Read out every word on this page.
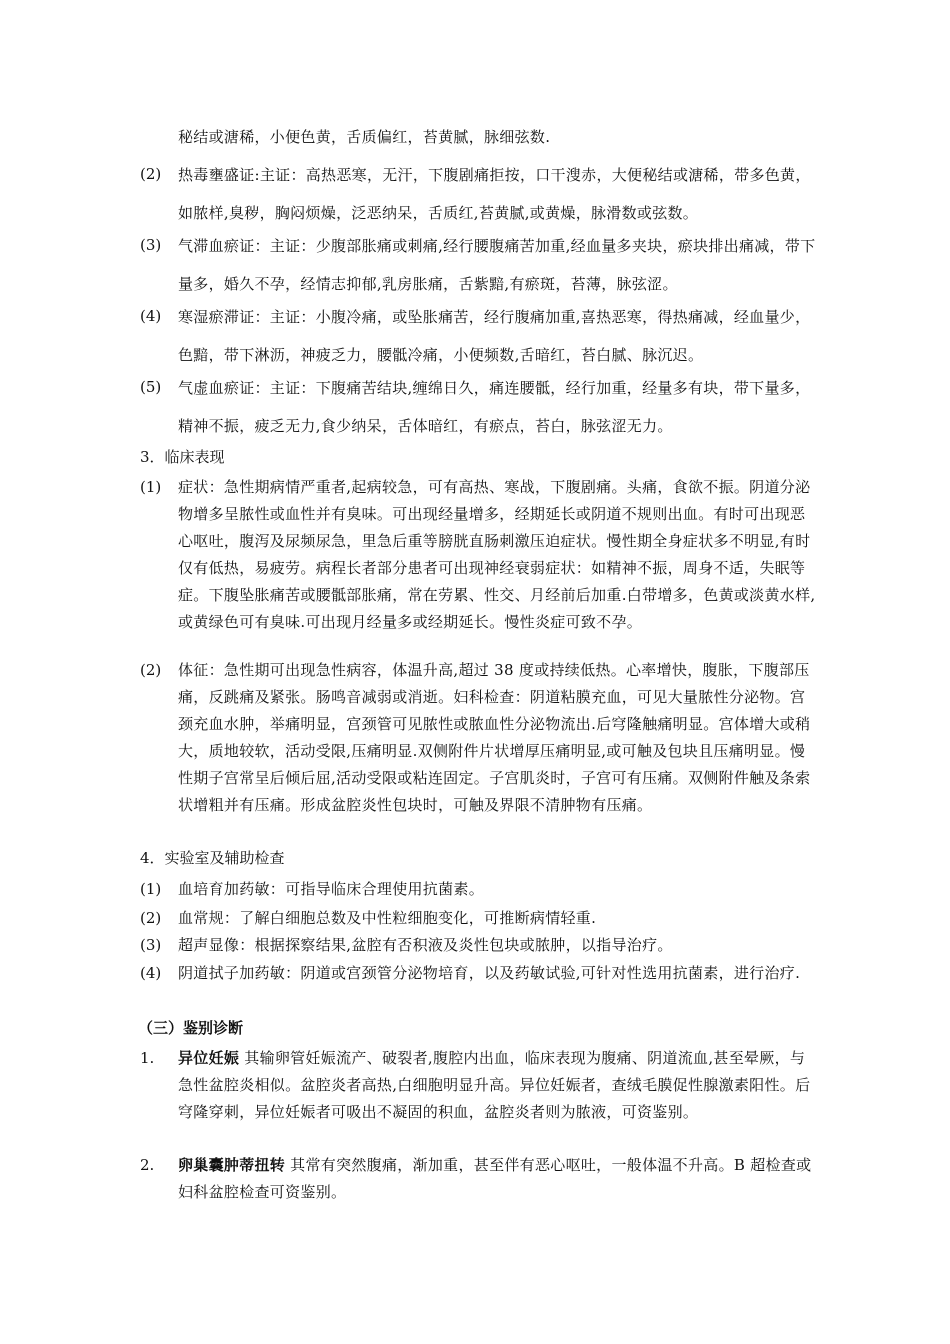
秘结或溏稀，小便色黄，舌质偏红，苔黄腻，脉细弦数.
(2) 热毒壅盛证:主证：高热恶寒，无汗，下腹剧痛拒按，口干溲赤，大便秘结或溏稀，带多色黄，如脓样,臭秽，胸闷烦燥，泛恶纳呆，舌质红,苔黄腻,或黄燥，脉滑数或弦数。
(3) 气滞血瘀证：主证：少腹部胀痛或刺痛,经行腰腹痛苦加重,经血量多夹块，瘀块排出痛减，带下量多，婚久不孕，经情志抑郁,乳房胀痛，舌紫黯,有瘀斑，苔薄，脉弦涩。
(4) 寒湿瘀滞证：主证：小腹冷痛，或坠胀痛苦，经行腹痛加重,喜热恶寒，得热痛减，经血量少，色黯，带下淋沥，神疲乏力，腰骶冷痛，小便频数,舌暗红，苔白腻、脉沉迟。
(5) 气虚血瘀证：主证：下腹痛苦结块,缠绵日久，痛连腰骶，经行加重，经量多有块，带下量多，精神不振，疲乏无力,食少纳呆，舌体暗红，有瘀点，苔白，脉弦涩无力。
3．临床表现
(1) 症状：急性期病情严重者,起病较急，可有高热、寒战，下腹剧痛。头痛，食欲不振。阴道分泌物增多呈脓性或血性并有臭味。可出现经量增多，经期延长或阴道不规则出血。有时可出现恶心呕吐，腹泻及尿频尿急，里急后重等膀胱直肠刺激压迫症状。慢性期全身症状多不明显,有时仅有低热，易疲劳。病程长者部分患者可出现神经衰弱症状：如精神不振，周身不适，失眠等症。下腹坠胀痛苦或腰骶部胀痛，常在劳累、性交、月经前后加重.白带增多，色黄或淡黄水样,或黄绿色可有臭味.可出现月经量多或经期延长。慢性炎症可致不孕。
(2) 体征：急性期可出现急性病容，体温升高,超过 38 度或持续低热。心率增快，腹胀，下腹部压痛，反跳痛及紧张。肠鸣音减弱或消逝。妇科检查：阴道粘膜充血，可见大量脓性分泌物。宫颈充血水肿，举痛明显，宫颈管可见脓性或脓血性分泌物流出.后穹隆触痛明显。宫体增大或稍大，质地较软，活动受限,压痛明显.双侧附件片状增厚压痛明显,或可触及包块且压痛明显。慢性期子宫常呈后倾后屈,活动受限或粘连固定。子宫肌炎时，子宫可有压痛。双侧附件触及条索状增粗并有压痛。形成盆腔炎性包块时，可触及界限不清肿物有压痛。
4．实验室及辅助检查
(1) 血培育加药敏：可指导临床合理使用抗菌素。
(2) 血常规：了解白细胞总数及中性粒细胞变化，可推断病情轻重.
(3) 超声显像：根据探察结果,盆腔有否积液及炎性包块或脓肿，以指导治疗。
(4) 阴道拭子加药敏：阴道或宫颈管分泌物培育，以及药敏试验,可针对性选用抗菌素，进行治疗.
（三）鉴别诊断
1. 异位妊娠 其输卵管妊娠流产、破裂者,腹腔内出血，临床表现为腹痛、阴道流血,甚至晕厥，与急性盆腔炎相似。盆腔炎者高热,白细胞明显升高。异位妊娠者，查绒毛膜促性腺激素阳性。后穹隆穿刺，异位妊娠者可吸出不凝固的积血，盆腔炎者则为脓液，可资鉴别。
2. 卵巢囊肿蒂扭转 其常有突然腹痛，渐加重，甚至伴有恶心呕吐，一般体温不升高。B 超检查或妇科盆腔检查可资鉴别。
